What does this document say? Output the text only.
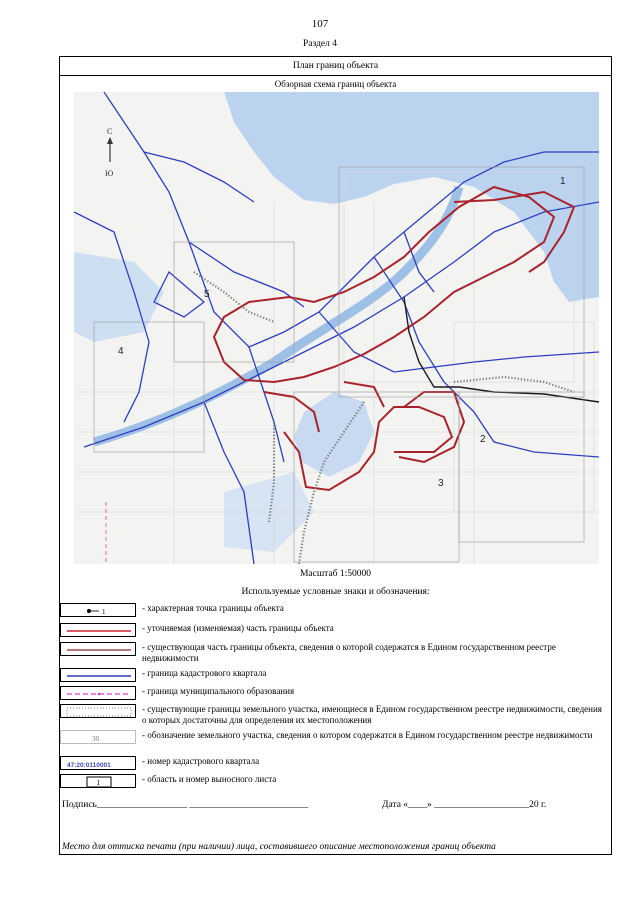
107
Раздел 4
План границ объекта
Обзорная схема границ объекта
1
2
3
4
5
С
Ю
Масштаб 1:50000
Используемые условные знаки и обозначения:
1	- характерная точка границы объекта
- уточняемая (изменяемая) часть границы объекта
- существующая часть границы объекта, сведения о которой содержатся в Едином государственном реестре недвижимости
- граница кадастрового квартала
- граница муниципального образования
- существующие границы земельного участка, имеющиеся в Едином государственном реестре недвижимости, сведения о которых достаточны для определения их местоположения
30	- обозначение земельного участка, сведения о котором содержатся в Едином государственном реестре недвижимости
47:20:0110001	- номер кадастрового квартала
1	- область и номер выносного листа
Подпись___________________ _________________________	Дата «____» ____________________20 г.
Место для оттиска печати (при наличии) лица, составившего описание местоположения границ объекта
